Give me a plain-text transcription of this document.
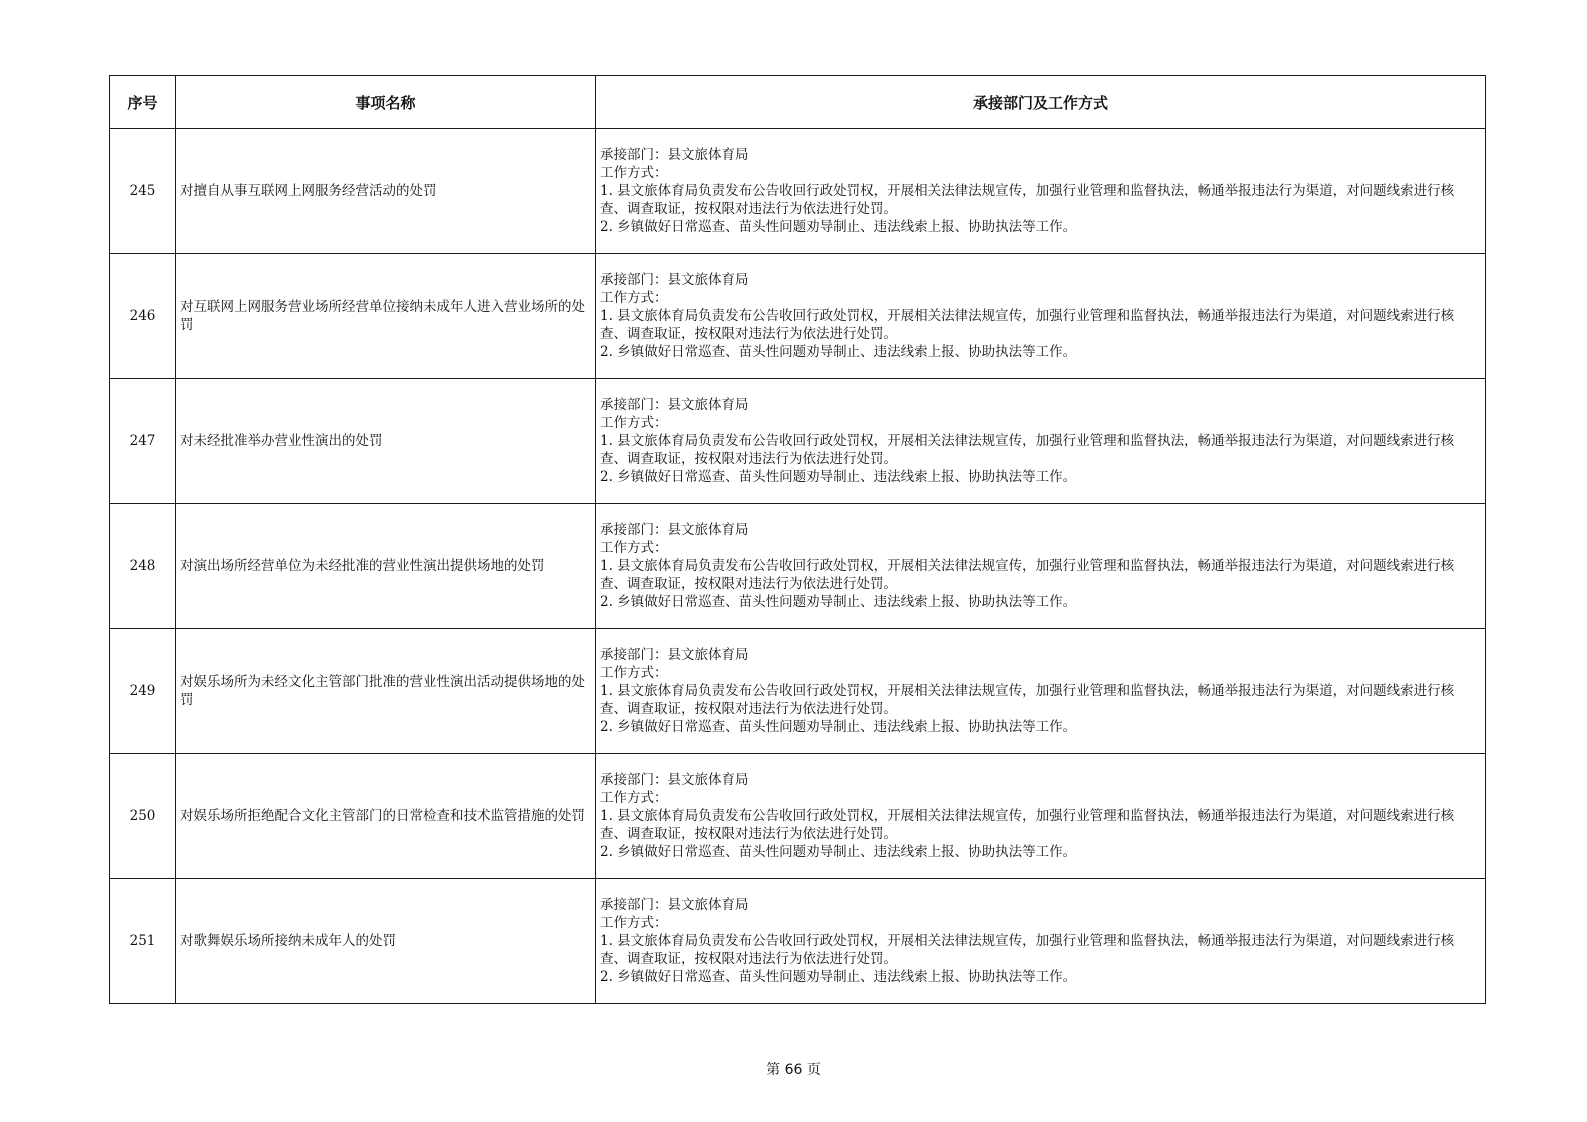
序号	事项名称	承接部门及工作方式
245	对擅自从事互联网上网服务经营活动的处罚	承接部门：县文旅体育局
工作方式：
1. 县文旅体育局负责发布公告收回行政处罚权，开展相关法律法规宣传，加强行业管理和监督执法，畅通举报违法行为渠道，对问题线索进行核查、调查取证，按权限对违法行为依法进行处罚。
2. 乡镇做好日常巡查、苗头性问题劝导制止、违法线索上报、协助执法等工作。

246	对互联网上网服务营业场所经营单位接纳未成年人进入营业场所的处罚	承接部门：县文旅体育局
工作方式：
1. 县文旅体育局负责发布公告收回行政处罚权，开展相关法律法规宣传，加强行业管理和监督执法，畅通举报违法行为渠道，对问题线索进行核查、调查取证，按权限对违法行为依法进行处罚。
2. 乡镇做好日常巡查、苗头性问题劝导制止、违法线索上报、协助执法等工作。

247	对未经批准举办营业性演出的处罚	承接部门：县文旅体育局
工作方式：
1. 县文旅体育局负责发布公告收回行政处罚权，开展相关法律法规宣传，加强行业管理和监督执法，畅通举报违法行为渠道，对问题线索进行核查、调查取证，按权限对违法行为依法进行处罚。
2. 乡镇做好日常巡查、苗头性问题劝导制止、违法线索上报、协助执法等工作。

248	对演出场所经营单位为未经批准的营业性演出提供场地的处罚	承接部门：县文旅体育局
工作方式：
1. 县文旅体育局负责发布公告收回行政处罚权，开展相关法律法规宣传，加强行业管理和监督执法，畅通举报违法行为渠道，对问题线索进行核查、调查取证，按权限对违法行为依法进行处罚。
2. 乡镇做好日常巡查、苗头性问题劝导制止、违法线索上报、协助执法等工作。

249	对娱乐场所为未经文化主管部门批准的营业性演出活动提供场地的处罚	承接部门：县文旅体育局
工作方式：
1. 县文旅体育局负责发布公告收回行政处罚权，开展相关法律法规宣传，加强行业管理和监督执法，畅通举报违法行为渠道，对问题线索进行核查、调查取证，按权限对违法行为依法进行处罚。
2. 乡镇做好日常巡查、苗头性问题劝导制止、违法线索上报、协助执法等工作。

250	对娱乐场所拒绝配合文化主管部门的日常检查和技术监管措施的处罚	承接部门：县文旅体育局
工作方式：
1. 县文旅体育局负责发布公告收回行政处罚权，开展相关法律法规宣传，加强行业管理和监督执法，畅通举报违法行为渠道，对问题线索进行核查、调查取证，按权限对违法行为依法进行处罚。
2. 乡镇做好日常巡查、苗头性问题劝导制止、违法线索上报、协助执法等工作。

251	对歌舞娱乐场所接纳未成年人的处罚	承接部门：县文旅体育局
工作方式：
1. 县文旅体育局负责发布公告收回行政处罚权，开展相关法律法规宣传，加强行业管理和监督执法，畅通举报违法行为渠道，对问题线索进行核查、调查取证，按权限对违法行为依法进行处罚。
2. 乡镇做好日常巡查、苗头性问题劝导制止、违法线索上报、协助执法等工作。
第 66 页
